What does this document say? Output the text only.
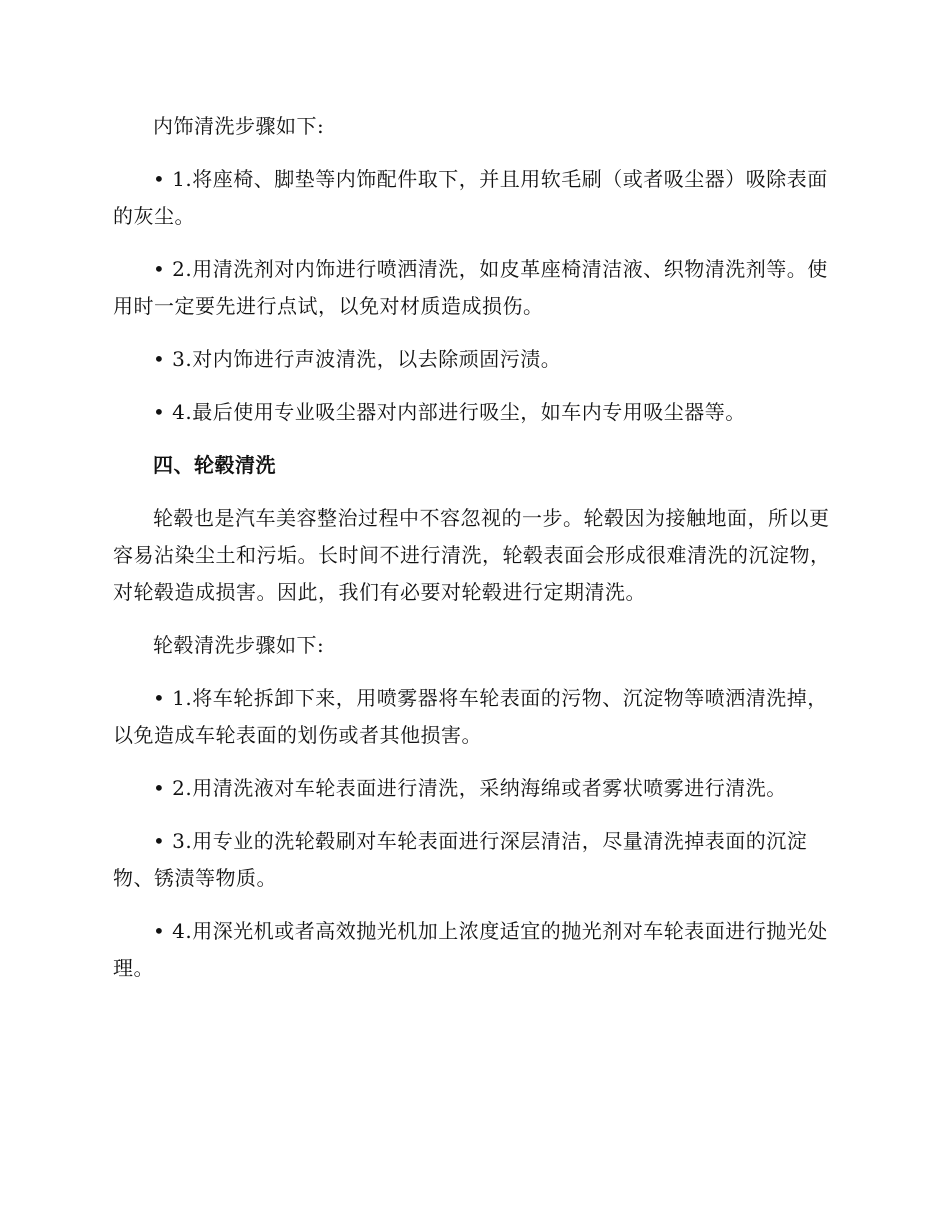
内饰清洗步骤如下:

• 1.将座椅、脚垫等内饰配件取下，并且用软毛刷（或者吸尘器）吸除表面的灰尘。

• 2.用清洗剂对内饰进行喷洒清洗，如皮革座椅清洁液、织物清洗剂等。使用时一定要先进行点试，以免对材质造成损伤。

• 3.对内饰进行声波清洗，以去除顽固污渍。

• 4.最后使用专业吸尘器对内部进行吸尘，如车内专用吸尘器等。

四、轮毂清洗

轮毂也是汽车美容整治过程中不容忽视的一步。轮毂因为接触地面，所以更容易沾染尘土和污垢。长时间不进行清洗，轮毂表面会形成很难清洗的沉淀物，对轮毂造成损害。因此，我们有必要对轮毂进行定期清洗。

轮毂清洗步骤如下:

• 1.将车轮拆卸下来，用喷雾器将车轮表面的污物、沉淀物等喷洒清洗掉，以免造成车轮表面的划伤或者其他损害。

• 2.用清洗液对车轮表面进行清洗，采纳海绵或者雾状喷雾进行清洗。

• 3.用专业的洗轮毂刷对车轮表面进行深层清洁，尽量清洗掉表面的沉淀物、锈渍等物质。

• 4.用深光机或者高效抛光机加上浓度适宜的抛光剂对车轮表面进行抛光处理。
